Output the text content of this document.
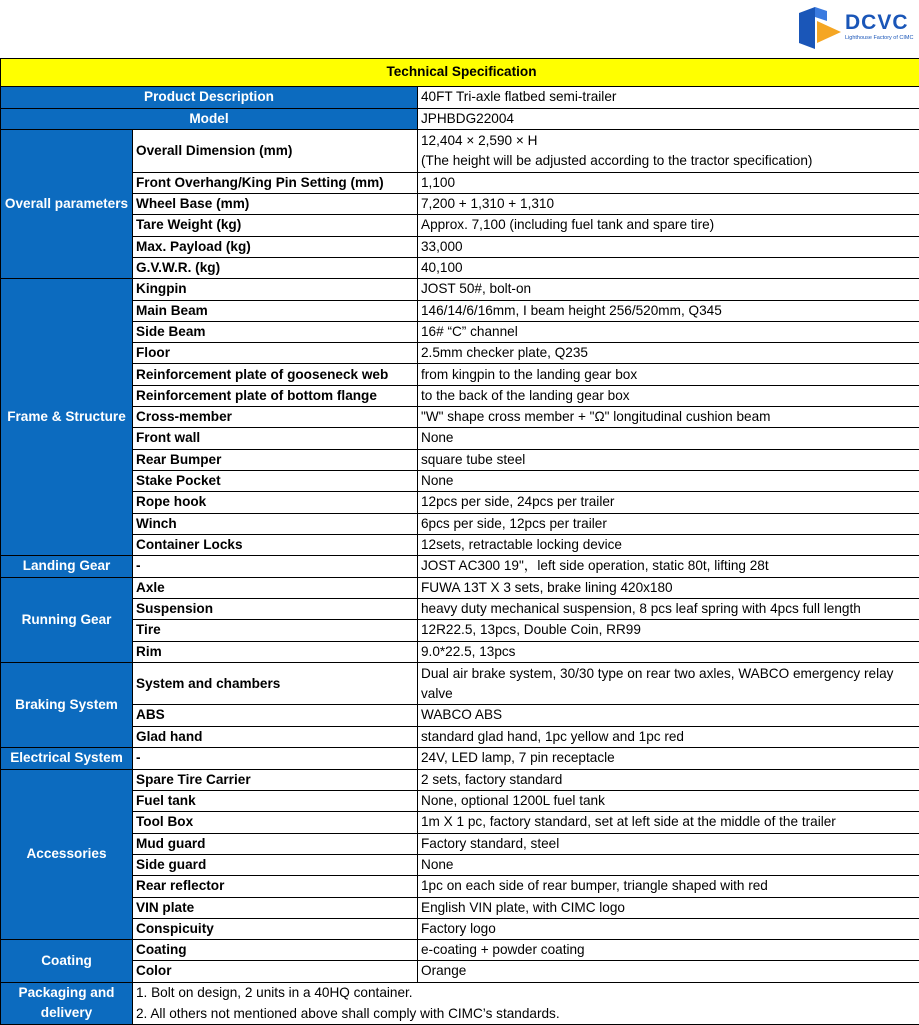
DCVC
Lighthouse Factory of CIMC
Technical Specification		
Product Description		40FT Tri-axle flatbed semi-trailer
Model		JPHBDG22004
Overall parameters	Overall Dimension (mm)	12,404 × 2,590 × H
(The height will be adjusted according to the tractor specification)

	Front Overhang/King Pin Setting (mm)	1,100
	Wheel Base (mm)	7,200 + 1,310 + 1,310
	Tare Weight (kg)	Approx. 7,100 (including fuel tank and spare tire)
	Max. Payload (kg)	33,000
	G.V.W.R. (kg)	40,100
Frame & Structure	Kingpin	JOST 50#, bolt-on
	Main Beam	146/14/6/16mm, I beam height 256/520mm, Q345
	Side Beam	16# “C” channel
	Floor	2.5mm checker plate, Q235
	Reinforcement plate of gooseneck web	from kingpin to the landing gear box
	Reinforcement plate of bottom flange	to the back of the landing gear box
	Cross-member	"W" shape cross member + "Ω" longitudinal cushion beam
	Front wall	None
	Rear Bumper	square tube steel
	Stake Pocket	None
	Rope hook	12pcs per side, 24pcs per trailer
	Winch	6pcs per side, 12pcs per trailer
	Container Locks	12sets, retractable locking device
Landing Gear	-	JOST AC300 19"，left side operation, static 80t, lifting 28t
Running Gear	Axle	FUWA 13T X 3 sets, brake lining 420x180
	Suspension	heavy duty mechanical suspension, 8 pcs leaf spring with 4pcs full length
	Tire	12R22.5, 13pcs, Double Coin, RR99
	Rim	9.0*22.5, 13pcs
Braking System	System and chambers	Dual air brake system, 30/30 type on rear two axles, WABCO emergency relay valve
	ABS	WABCO ABS
	Glad hand	standard glad hand, 1pc yellow and 1pc red
Electrical System	-	24V, LED lamp, 7 pin receptacle
Accessories	Spare Tire Carrier	2 sets, factory standard
	Fuel tank	None, optional 1200L fuel tank
	Tool Box	1m X 1 pc, factory standard, set at left side at the middle of the trailer
	Mud guard	Factory standard, steel
	Side guard	None
	Rear reflector	1pc on each side of rear bumper, triangle shaped with red
	VIN plate	English VIN plate, with CIMC logo
	Conspicuity	Factory logo
Coating	Coating	e-coating + powder coating
	Color	Orange
Packaging and delivery	1. Bolt on design, 2 units in a 40HQ container.	
	2. All others not mentioned above shall comply with CIMC’s standards.	
